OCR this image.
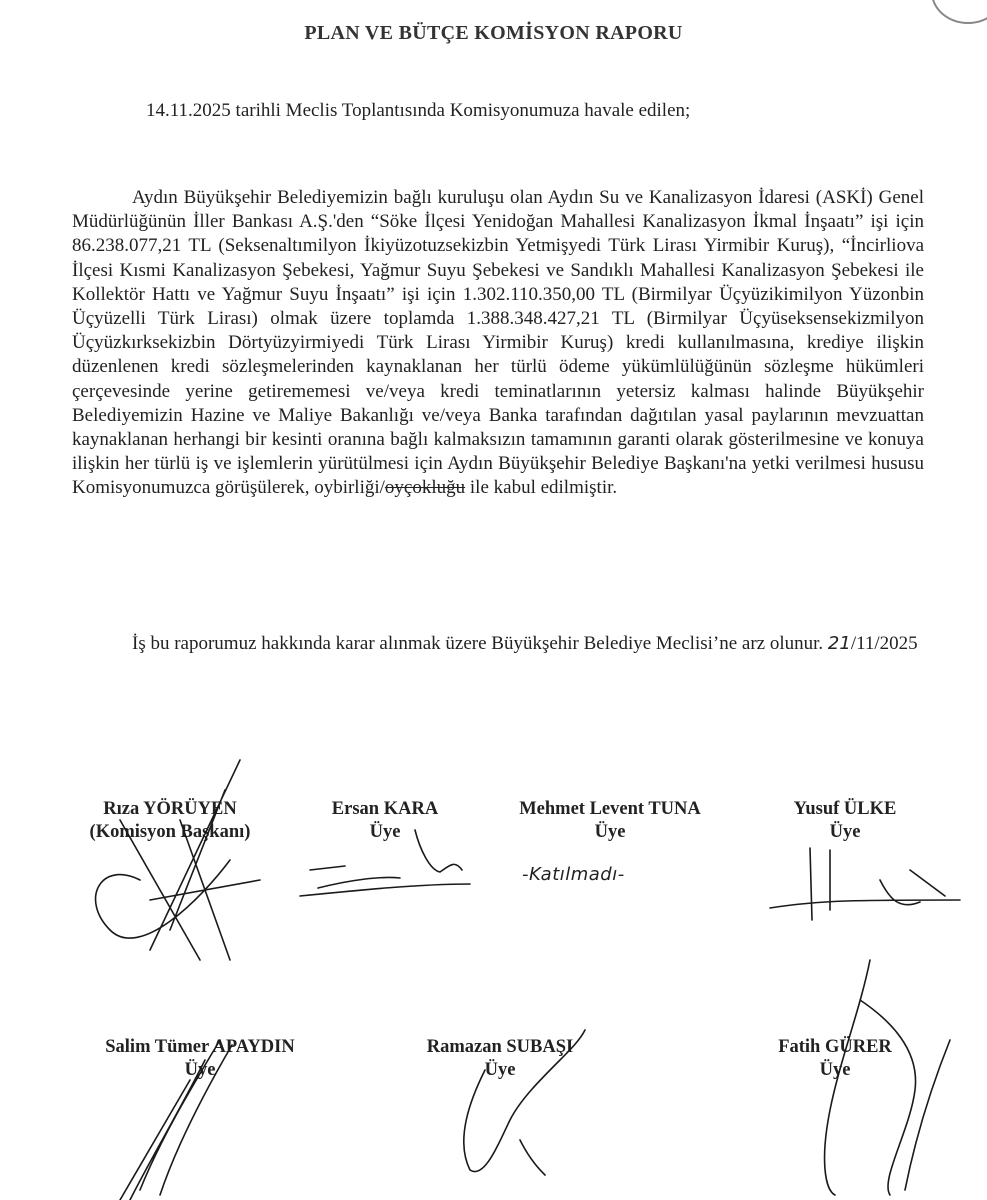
PLAN VE BÜTÇE KOMİSYON RAPORU
14.11.2025 tarihli Meclis Toplantısında Komisyonumuza havale edilen;
Aydın Büyükşehir Belediyemizin bağlı kuruluşu olan Aydın Su ve Kanalizasyon İdaresi (ASKİ) Genel Müdürlüğünün İller Bankası A.Ş.'den “Söke İlçesi Yenidoğan Mahallesi Kanalizasyon İkmal İnşaatı” işi için 86.238.077,21 TL (Seksenaltımilyon İkiyüzotuzsekizbin Yetmişyedi Türk Lirası Yirmibir Kuruş), “İncirliova İlçesi Kısmi Kanalizasyon Şebekesi, Yağmur Suyu Şebekesi ve Sandıklı Mahallesi Kanalizasyon Şebekesi ile Kollektör Hattı ve Yağmur Suyu İnşaatı” işi için 1.302.110.350,00 TL (Birmilyar Üçyüzikimilyon Yüzonbin Üçyüzelli Türk Lirası) olmak üzere toplamda 1.388.348.427,21 TL (Birmilyar Üçyüseksensekizmilyon Üçyüzkırksekizbin Dörtyüzyirmiyedi Türk Lirası Yirmibir Kuruş) kredi kullanılmasına, krediye ilişkin düzenlenen kredi sözleşmelerinden kaynaklanan her türlü ödeme yükümlülüğünün sözleşme hükümleri çerçevesinde yerine getirememesi ve/veya kredi teminatlarının yetersiz kalması halinde Büyükşehir Belediyemizin Hazine ve Maliye Bakanlığı ve/veya Banka tarafından dağıtılan yasal paylarının mevzuattan kaynaklanan herhangi bir kesinti oranına bağlı kalmaksızın tamamının garanti olarak gösterilmesine ve konuya ilişkin her türlü iş ve işlemlerin yürütülmesi için Aydın Büyükşehir Belediye Başkanı'na yetki verilmesi hususu Komisyonumuzca görüşülerek, oybirliği/oyçokluğu ile kabul edilmiştir.
İş bu raporumuz hakkında karar alınmak üzere Büyükşehir Belediye Meclisi’ne arz olunur. 21/11/2025
Rıza YÖRÜYEN
(Komisyon Başkanı)
Ersan KARA
Üye
Mehmet Levent TUNA
Üye
-Katılmadı-
Yusuf ÜLKE
Üye
Salim Tümer APAYDIN
Üye
Ramazan SUBAŞI
Üye
Fatih GÜRER
Üye
